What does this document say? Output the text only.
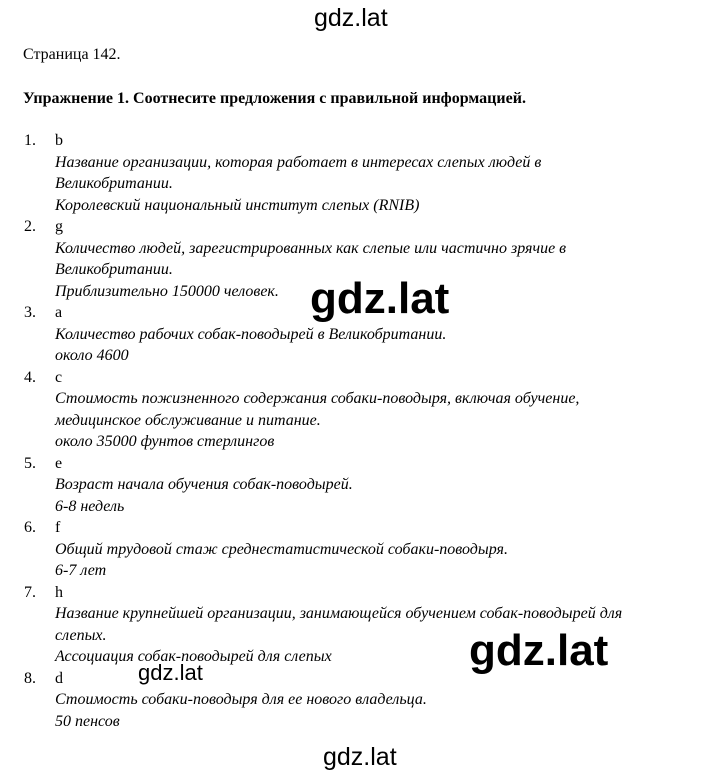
gdz.lat
Страница 142.
Упражнение 1. Соотнесите предложения с правильной информацией.
1. b
Название организации, которая работает в интересах слепых людей в Великобритании.
Королевский национальный институт слепых (RNIB)
2. g
Количество людей, зарегистрированных как слепые или частично зрячие в Великобритании.
Приблизительно 150000 человек.
3. a
Количество рабочих собак-поводырей в Великобритании.
около 4600
4. c
Стоимость пожизненного содержания собаки-поводыря, включая обучение, медицинское обслуживание и питание.
около 35000 фунтов стерлингов
5. e
Возраст начала обучения собак-поводырей.
6-8 недель
6. f
Общий трудовой стаж среднестатистической собаки-поводыря.
6-7 лет
7. h
Название крупнейшей организации, занимающейся обучением собак-поводырей для слепых.
Ассоциация собак-поводырей для слепых
8. d
Стоимость собаки-поводыря для ее нового владельца.
50 пенсов
gdz.lat
gdz.lat
gdz.lat
gdz.lat
